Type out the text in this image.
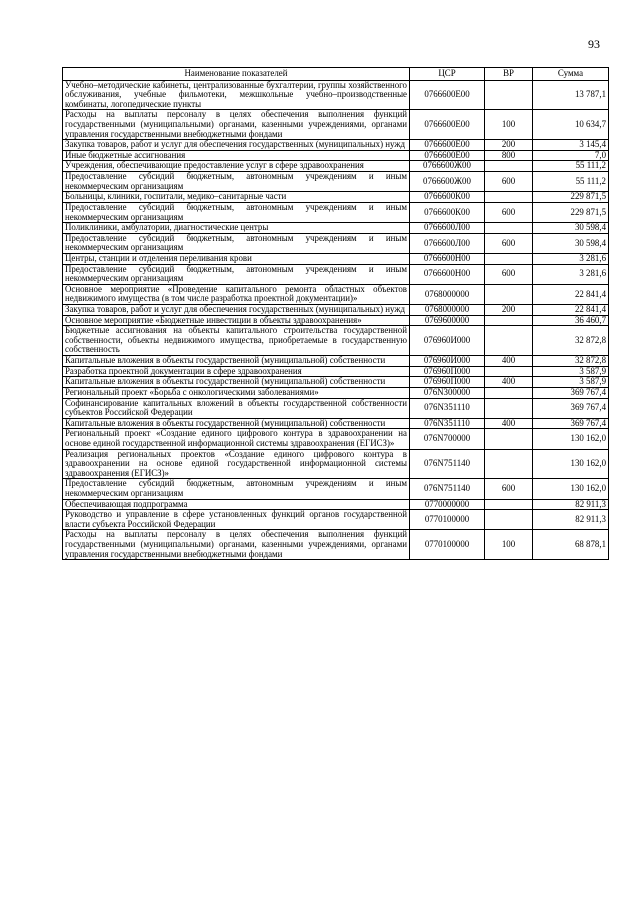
93
Наименование показателей	ЦСР	ВР	Сумма
Учебно–методические кабинеты, централизованные бухгалтерии, группы хозяйственного обслуживания, учебные фильмотеки, межшкольные учебно–производственные комбинаты, логопедические пункты	0766600Е00		13 787,1
Расходы на выплаты персоналу в целях обеспечения выполнения функций государственными (муниципальными) органами, казенными учреждениями, органами управления государственными внебюджетными фондами	0766600Е00	100	10 634,7
Закупка товаров, работ и услуг для обеспечения государственных (муниципальных) нужд	0766600Е00	200	3 145,4
Иные бюджетные ассигнования	0766600Е00	800	7,0
Учреждения, обеспечивающие предоставление услуг в сфере здравоохранения	0766600Ж00		55 111,2
Предоставление субсидий бюджетным, автономным учреждениям и иным некоммерческим организациям	0766600Ж00	600	55 111,2
Больницы, клиники, госпитали, медико–санитарные части	0766600К00		229 871,5
Предоставление субсидий бюджетным, автономным учреждениям и иным некоммерческим организациям	0766600К00	600	229 871,5
Поликлиники, амбулатории, диагностические центры	0766600Л00		30 598,4
Предоставление субсидий бюджетным, автономным учреждениям и иным некоммерческим организациям	0766600Л00	600	30 598,4
Центры, станции и отделения переливания крови	0766600Н00		3 281,6
Предоставление субсидий бюджетным, автономным учреждениям и иным некоммерческим организациям	0766600Н00	600	3 281,6
Основное мероприятие «Проведение капитального ремонта областных объектов недвижимого имущества (в том числе разработка проектной документации)»	0768000000		22 841,4
Закупка товаров, работ и услуг для обеспечения государственных (муниципальных) нужд	0768000000	200	22 841,4
Основное мероприятие «Бюджетные инвестиции в объекты здравоохранения»	0769600000		36 460,7
Бюджетные ассигнования на объекты капитального строительства государственной собственности, объекты недвижимого имущества, приобретаемые в государственную собственность	076960И000		32 872,8
Капитальные вложения в объекты государственной (муниципальной) собственности	076960И000	400	32 872,8
Разработка проектной документации в сфере здравоохранения	076960П000		3 587,9
Капитальные вложения в объекты государственной (муниципальной) собственности	076960П000	400	3 587,9
Региональный проект «Борьба с онкологическими заболеваниями»	076N300000		369 767,4
Софинансирование капитальных вложений в объекты государственной собственности субъектов Российской Федерации	076N351110		369 767,4
Капитальные вложения в объекты государственной (муниципальной) собственности	076N351110	400	369 767,4
Региональный проект «Создание единого цифрового контура в здравоохранении на основе единой государственной информационной системы здравоохранения (ЕГИСЗ)»	076N700000		130 162,0
Реализация региональных проектов «Создание единого цифрового контура в здравоохранении на основе единой государственной информационной системы здравоохранения (ЕГИСЗ)»	076N751140		130 162,0
Предоставление субсидий бюджетным, автономным учреждениям и иным некоммерческим организациям	076N751140	600	130 162,0
Обеспечивающая подпрограмма	0770000000		82 911,3
Руководство и управление в сфере установленных функций органов государственной власти субъекта Российской Федерации	0770100000		82 911,3
Расходы на выплаты персоналу в целях обеспечения выполнения функций государственными (муниципальными) органами, казенными учреждениями, органами управления государственными внебюджетными фондами	0770100000	100	68 878,1
